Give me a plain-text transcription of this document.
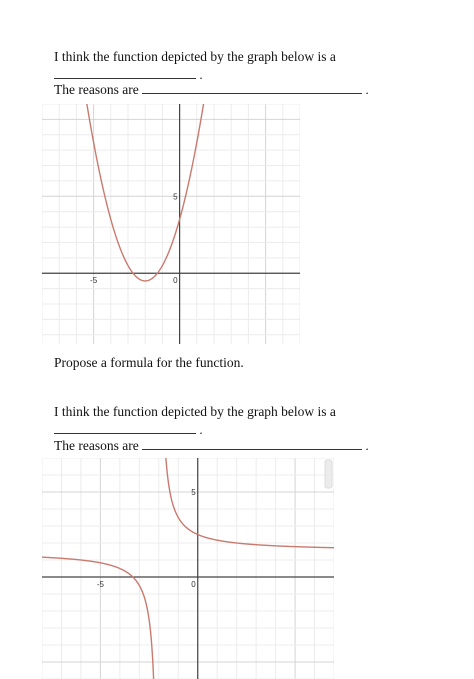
I think the function depicted by the graph below is a
.
The reasons are	.
-5
5
0
Propose a formula for the function.
I think the function depicted by the graph below is a
.
The reasons are	.
-5
5
0
